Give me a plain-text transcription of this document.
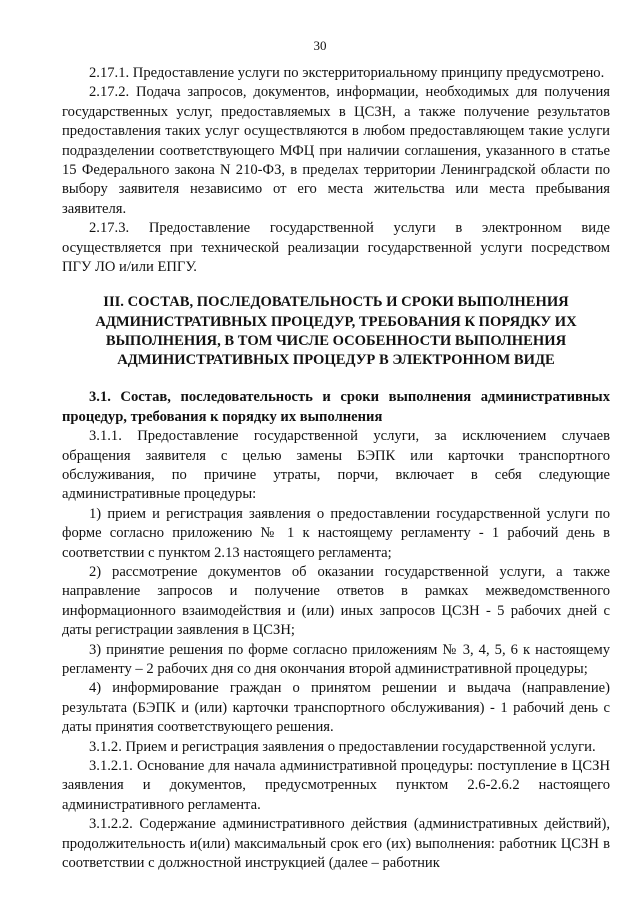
30

2.17.1. Предоставление услуги по экстерриториальному принципу предусмотрено.

2.17.2. Подача запросов, документов, информации, необходимых для получения государственных услуг, предоставляемых в ЦСЗН, а также получение результатов предоставления таких услуг осуществляются в любом предоставляющем такие услуги подразделении соответствующего МФЦ при наличии соглашения, указанного в статье 15 Федерального закона N 210-ФЗ, в пределах территории Ленинградской области по выбору заявителя независимо от его места жительства или места пребывания заявителя.

2.17.3. Предоставление государственной услуги в электронном виде осуществляется при технической реализации государственной услуги посредством ПГУ ЛО и/или ЕПГУ.

III. СОСТАВ, ПОСЛЕДОВАТЕЛЬНОСТЬ И СРОКИ ВЫПОЛНЕНИЯ АДМИНИСТРАТИВНЫХ ПРОЦЕДУР, ТРЕБОВАНИЯ К ПОРЯДКУ ИХ ВЫПОЛНЕНИЯ, В ТОМ ЧИСЛЕ ОСОБЕННОСТИ ВЫПОЛНЕНИЯ АДМИНИСТРАТИВНЫХ ПРОЦЕДУР В ЭЛЕКТРОННОМ ВИДЕ

3.1. Состав, последовательность и сроки выполнения административных процедур, требования к порядку их выполнения

3.1.1. Предоставление государственной услуги, за исключением случаев обращения заявителя с целью замены БЭПК или карточки транспортного обслуживания, по причине утраты, порчи, включает в себя следующие административные процедуры:

1) прием и регистрация заявления о предоставлении государственной услуги по форме согласно приложению № 1 к настоящему регламенту - 1 рабочий день в соответствии с пунктом 2.13 настоящего регламента;

2) рассмотрение документов об оказании государственной услуги, а также направление запросов и получение ответов в рамках межведомственного информационного взаимодействия и (или) иных запросов ЦСЗН - 5 рабочих дней с даты регистрации заявления в ЦСЗН;

3) принятие решения по форме согласно приложениям № 3, 4, 5, 6 к настоящему регламенту – 2 рабочих дня со дня окончания второй административной процедуры;

4) информирование граждан о принятом решении и выдача (направление) результата (БЭПК и (или) карточки транспортного обслуживания) - 1 рабочий день с даты принятия соответствующего решения.

3.1.2. Прием и регистрация заявления о предоставлении государственной услуги.

3.1.2.1. Основание для начала административной процедуры: поступление в ЦСЗН заявления и документов, предусмотренных пунктом 2.6-2.6.2 настоящего административного регламента.

3.1.2.2. Содержание административного действия (административных действий), продолжительность и(или) максимальный срок его (их) выполнения: работник ЦСЗН в соответствии с должностной инструкцией (далее – работник
